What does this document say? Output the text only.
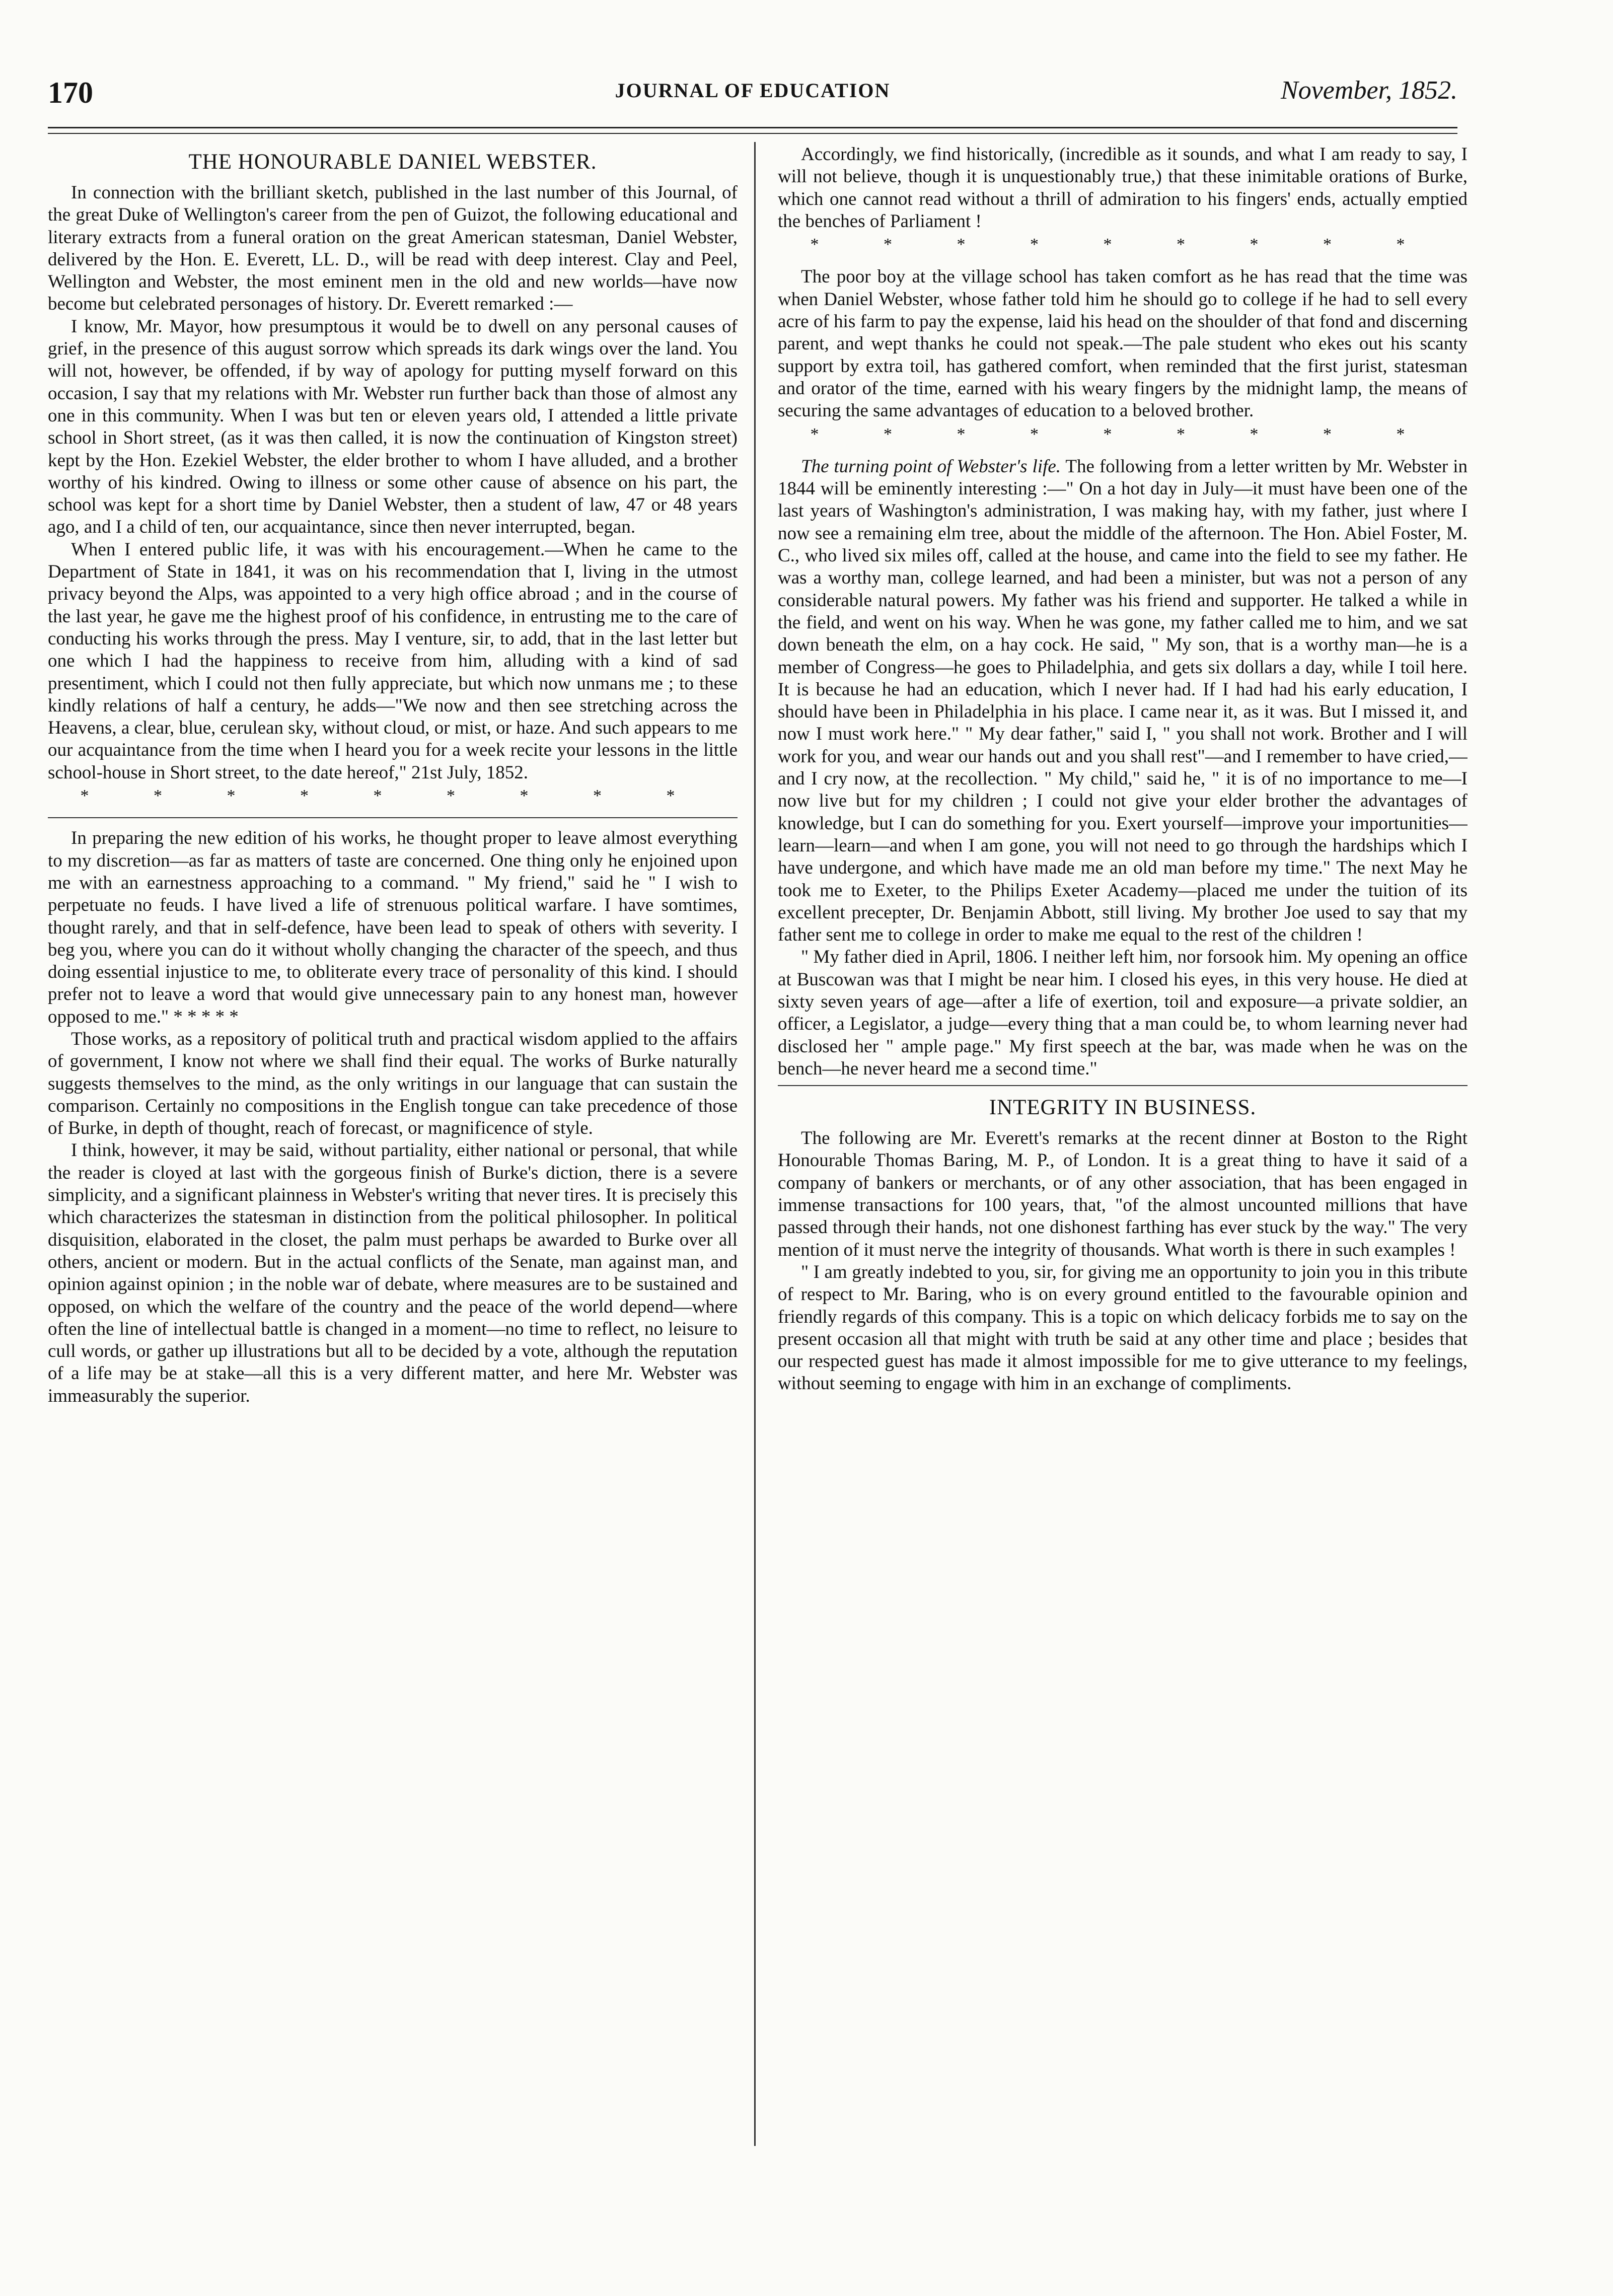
170	JOURNAL OF EDUCATION	November, 1852.
THE HONOURABLE DANIEL WEBSTER.

In connection with the brilliant sketch, published in the last number of this Journal, of the great Duke of Wellington's career from the pen of Guizot, the following educational and literary extracts from a funeral oration on the great American statesman, Daniel Webster, delivered by the Hon. E. Everett, LL. D., will be read with deep interest. Clay and Peel, Wellington and Webster, the most eminent men in the old and new worlds—have now become but celebrated personages of history. Dr. Everett remarked :—

I know, Mr. Mayor, how presumptous it would be to dwell on any personal causes of grief, in the presence of this august sorrow which spreads its dark wings over the land. You will not, however, be offended, if by way of apology for putting myself forward on this occasion, I say that my relations with Mr. Webster run further back than those of almost any one in this community. When I was but ten or eleven years old, I attended a little private school in Short street, (as it was then called, it is now the continuation of Kingston street) kept by the Hon. Ezekiel Webster, the elder brother to whom I have alluded, and a brother worthy of his kindred. Owing to illness or some other cause of absence on his part, the school was kept for a short time by Daniel Webster, then a student of law, 47 or 48 years ago, and I a child of ten, our acquaintance, since then never interrupted, began.

When I entered public life, it was with his encouragement.—When he came to the Department of State in 1841, it was on his recommendation that I, living in the utmost privacy beyond the Alps, was appointed to a very high office abroad ; and in the course of the last year, he gave me the highest proof of his confidence, in entrusting me to the care of conducting his works through the press. May I venture, sir, to add, that in the last letter but one which I had the happiness to receive from him, alluding with a kind of sad presentiment, which I could not then fully appreciate, but which now unmans me ; to these kindly relations of half a century, he adds—"We now and then see stretching across the Heavens, a clear, blue, cerulean sky, without cloud, or mist, or haze. And such appears to me our acquaintance from the time when I heard you for a week recite your lessons in the little school-house in Short street, to the date hereof," 21st July, 1852.

* * * * * * * * *

In preparing the new edition of his works, he thought proper to leave almost everything to my discretion—as far as matters of taste are concerned. One thing only he enjoined upon me with an earnestness approaching to a command. " My friend," said he " I wish to perpetuate no feuds. I have lived a life of strenuous political warfare. I have somtimes, thought rarely, and that in self-defence, have been lead to speak of others with severity. I beg you, where you can do it without wholly changing the character of the speech, and thus doing essential injustice to me, to obliterate every trace of personality of this kind. I should prefer not to leave a word that would give unnecessary pain to any honest man, however opposed to me." * * * * *

Those works, as a repository of political truth and practical wisdom applied to the affairs of government, I know not where we shall find their equal. The works of Burke naturally suggests themselves to the mind, as the only writings in our language that can sustain the comparison. Certainly no compositions in the English tongue can take precedence of those of Burke, in depth of thought, reach of forecast, or magnificence of style.

I think, however, it may be said, without partiality, either national or personal, that while the reader is cloyed at last with the gorgeous finish of Burke's diction, there is a severe simplicity, and a significant plainness in Webster's writing that never tires. It is precisely this which characterizes the statesman in distinction from the political philosopher. In political disquisition, elaborated in the closet, the palm must perhaps be awarded to Burke over all others, ancient or modern. But in the actual conflicts of the Senate, man against man, and opinion against opinion ; in the noble war of debate, where measures are to be sustained and opposed, on which the welfare of the country and the peace of the world depend—where often the line of intellectual battle is changed in a moment—no time to reflect, no leisure to cull words, or gather up illustrations but all to be decided by a vote, although the reputation of a life may be at stake—all this is a very different matter, and here Mr. Webster was immeasurably the superior.

Accordingly, we find historically, (incredible as it sounds, and what I am ready to say, I will not believe, though it is unquestionably true,) that these inimitable orations of Burke, which one cannot read without a thrill of admiration to his fingers' ends, actually emptied the benches of Parliament !

* * * * * * * * *

The poor boy at the village school has taken comfort as he has read that the time was when Daniel Webster, whose father told him he should go to college if he had to sell every acre of his farm to pay the expense, laid his head on the shoulder of that fond and discerning parent, and wept thanks he could not speak.—The pale student who ekes out his scanty support by extra toil, has gathered comfort, when reminded that the first jurist, statesman and orator of the time, earned with his weary fingers by the midnight lamp, the means of securing the same advantages of education to a beloved brother.

* * * * * * * * *

The turning point of Webster's life. The following from a letter written by Mr. Webster in 1844 will be eminently interesting :—" On a hot day in July—it must have been one of the last years of Washington's administration, I was making hay, with my father, just where I now see a remaining elm tree, about the middle of the afternoon. The Hon. Abiel Foster, M. C., who lived six miles off, called at the house, and came into the field to see my father. He was a worthy man, college learned, and had been a minister, but was not a person of any considerable natural powers. My father was his friend and supporter. He talked a while in the field, and went on his way. When he was gone, my father called me to him, and we sat down beneath the elm, on a hay cock. He said, " My son, that is a worthy man—he is a member of Congress—he goes to Philadelphia, and gets six dollars a day, while I toil here. It is because he had an education, which I never had. If I had had his early education, I should have been in Philadelphia in his place. I came near it, as it was. But I missed it, and now I must work here." " My dear father," said I, " you shall not work. Brother and I will work for you, and wear our hands out and you shall rest"—and I remember to have cried,—and I cry now, at the recollection. " My child," said he, " it is of no importance to me—I now live but for my children ; I could not give your elder brother the advantages of knowledge, but I can do something for you. Exert yourself—improve your importunities—learn—learn—and when I am gone, you will not need to go through the hardships which I have undergone, and which have made me an old man before my time." The next May he took me to Exeter, to the Philips Exeter Academy—placed me under the tuition of its excellent precepter, Dr. Benjamin Abbott, still living. My brother Joe used to say that my father sent me to college in order to make me equal to the rest of the children !

" My father died in April, 1806. I neither left him, nor forsook him. My opening an office at Buscowan was that I might be near him. I closed his eyes, in this very house. He died at sixty seven years of age—after a life of exertion, toil and exposure—a private soldier, an officer, a Legislator, a judge—every thing that a man could be, to whom learning never had disclosed her " ample page." My first speech at the bar, was made when he was on the bench—he never heard me a second time."

INTEGRITY IN BUSINESS.

The following are Mr. Everett's remarks at the recent dinner at Boston to the Right Honourable Thomas Baring, M. P., of London. It is a great thing to have it said of a company of bankers or merchants, or of any other association, that has been engaged in immense transactions for 100 years, that, "of the almost uncounted millions that have passed through their hands, not one dishonest farthing has ever stuck by the way." The very mention of it must nerve the integrity of thousands. What worth is there in such examples !

" I am greatly indebted to you, sir, for giving me an opportunity to join you in this tribute of respect to Mr. Baring, who is on every ground entitled to the favourable opinion and friendly regards of this company. This is a topic on which delicacy forbids me to say on the present occasion all that might with truth be said at any other time and place ; besides that our respected guest has made it almost impossible for me to give utterance to my feelings, without seeming to engage with him in an exchange of compliments.
